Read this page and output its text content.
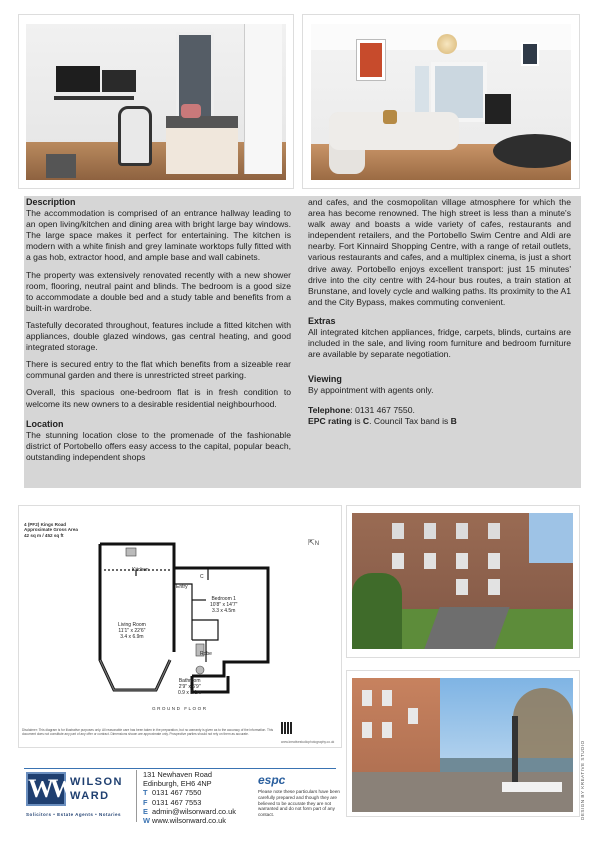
Description

The accommodation is comprised of an entrance hallway leading to an open living/kitchen and dining area with bright large bay windows. The large space makes it perfect for entertaining. The kitchen is modern with a white finish and grey laminate worktops fully fitted with a gas hob, extractor hood, and ample base and wall cabinets.

The property was extensively renovated recently with a new shower room, flooring, neutral paint and blinds. The bedroom is a good size to accommodate a double bed and a study table and benefits from a built-in wardrobe.

Tastefully decorated throughout, features include a fitted kitchen with appliances, double glazed windows, gas central heating, and good integrated storage.

There is secured entry to the flat which benefits from a sizeable rear communal garden and there is unrestricted street parking.

Overall, this spacious one-bedroom flat is in fresh condition to welcome its new owners to a desirable residential neighbourhood.

Location

The stunning location close to the promenade of the fashionable district of Portobello offers easy access to the capital, popular beach, outstanding independent shops

and cafes, and the cosmopolitan village atmosphere for which the area has become renowned. The high street is less than a minute's walk away and boasts a wide variety of cafes, restaurants and independent retailers, and the Portobello Swim Centre and Aldi are nearby. Fort Kinnaird Shopping Centre, with a range of retail outlets, various restaurants and cafes, and a multiplex cinema, is just a short drive away. Portobello enjoys excellent transport: just 15 minutes' drive into the city centre with 24-hour bus routes, a train station at Brunstane, and lovely cycle and walking paths. Its proximity to the A1 and the City Bypass, makes commuting convenient.

Extras

All integrated kitchen appliances, fridge, carpets, blinds, curtains are included in the sale, and living room furniture and bedroom furniture are available by separate negotiation.

Viewing

By appointment with agents only.

Telephone: 0131 467 7550.
EPC rating is C. Council Tax band is B
4 (PF2) Kings Road
Approximate Gross Area
42 sq m / 452 sq ft
⇱N
Kitchen
Entry
C
Bedroom 1
10'8" x 14'7"
3.3 x 4.5m
Living Room
11'1" x 22'6"
3.4 x 6.9m
Robe
Bathroom
2'9" x 6'9"
0.9 x 2.1m
GROUND FLOOR
Disclaimer: This diagram is for illustrative purposes only. All reasonable care has been taken in the preparation, but no warranty is given as to the accuracy of the information. This document does not constitute any part of any offer or contract. Dimensions shown are approximate only. Prospective parties should not rely on them as accurate.
www.kreativestudiophotography.co.uk
WW
WILSON
WARD
Solicitors • Estate Agents • Notaries
131 Newhaven Road
Edinburgh, EH6 4NP
T 0131 467 7550
F 0131 467 7553
E admin@wilsonward.co.uk
W www.wilsonward.co.uk
espc
Please note these particulars have been carefully prepared and though they are believed to be accurate they are not warranted and do not form part of any contact.	DESIGN BY KREATIVE STUDIO
